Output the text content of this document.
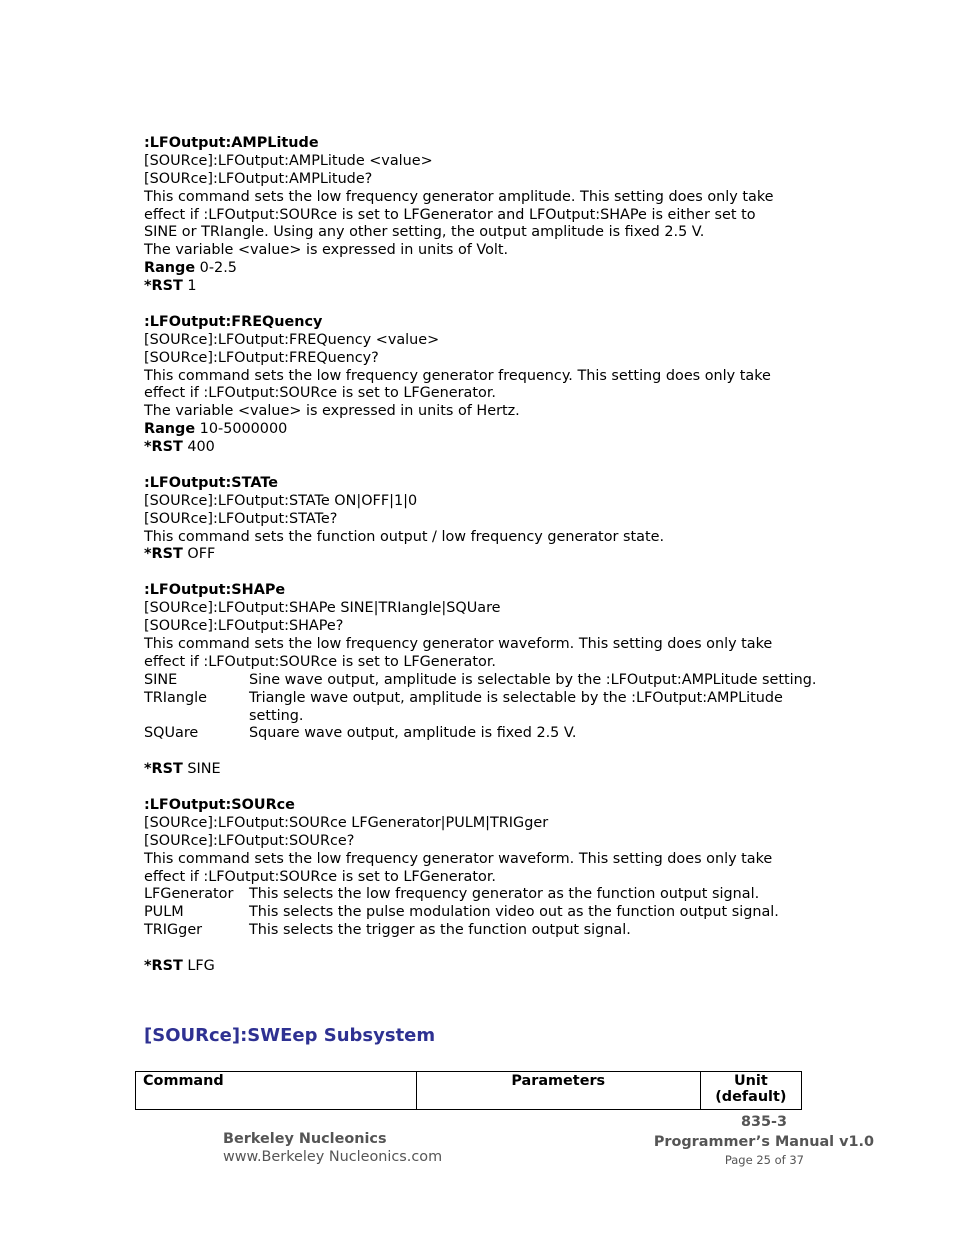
:LFOutput:AMPLitude
[SOURce]:LFOutput:AMPLitude <value>
[SOURce]:LFOutput:AMPLitude?
This command sets the low frequency generator amplitude. This setting does only take
effect if :LFOutput:SOURce is set to LFGenerator and LFOutput:SHAPe is either set to
SINE or TRIangle. Using any other setting, the output amplitude is fixed 2.5 V.
The variable <value> is expressed in units of Volt.
Range 0-2.5
*RST 1
:LFOutput:FREQuency
[SOURce]:LFOutput:FREQuency <value>
[SOURce]:LFOutput:FREQuency?
This command sets the low frequency generator frequency. This setting does only take
effect if :LFOutput:SOURce is set to LFGenerator.
The variable <value> is expressed in units of Hertz.
Range 10-5000000
*RST 400
:LFOutput:STATe
[SOURce]:LFOutput:STATe ON|OFF|1|0
[SOURce]:LFOutput:STATe?
This command sets the function output / low frequency generator state.
*RST OFF
:LFOutput:SHAPe
[SOURce]:LFOutput:SHAPe SINE|TRIangle|SQUare
[SOURce]:LFOutput:SHAPe?
This command sets the low frequency generator waveform. This setting does only take
effect if :LFOutput:SOURce is set to LFGenerator.
SINE	Sine wave output, amplitude is selectable by the :LFOutput:AMPLitude setting.
TRIangle	Triangle wave output, amplitude is selectable by the :LFOutput:AMPLitude setting.
SQUare	Square wave output, amplitude is fixed 2.5 V.
*RST SINE
:LFOutput:SOURce
[SOURce]:LFOutput:SOURce LFGenerator|PULM|TRIGger
[SOURce]:LFOutput:SOURce?
This command sets the low frequency generator waveform. This setting does only take
effect if :LFOutput:SOURce is set to LFGenerator.
LFGenerator	This selects the low frequency generator as the function output signal.
PULM	This selects the pulse modulation video out as the function output signal.
TRIGger	This selects the trigger as the function output signal.
*RST LFG
[SOURce]:SWEep Subsystem
Command	Parameters	Unit (default)
Berkeley Nucleonics
www.Berkeley Nucleonics.com
835-3
Programmer’s Manual v1.0
Page 25 of 37
